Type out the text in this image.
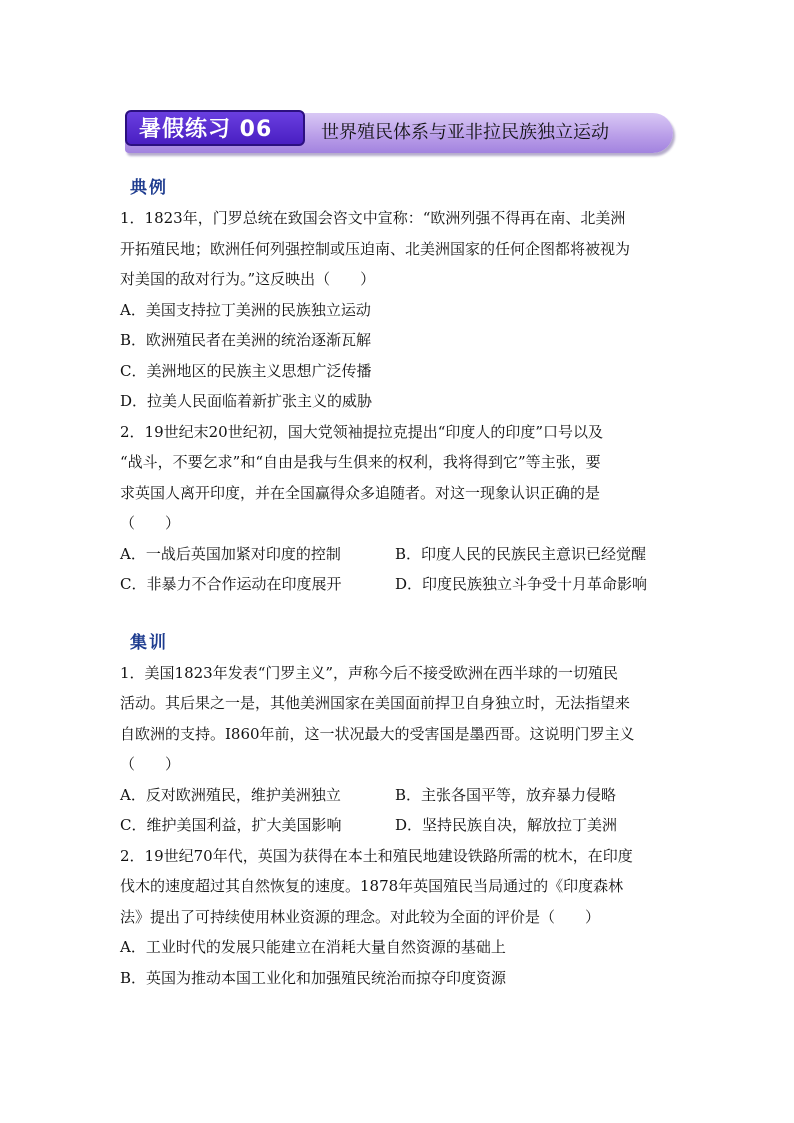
暑假练习 06	世界殖民体系与亚非拉民族独立运动
典例
1．1823年，门罗总统在致国会咨文中宣称：“欧洲列强不得再在南、北美洲
开拓殖民地；欧洲任何列强控制或压迫南、北美洲国家的任何企图都将被视为
对美国的敌对行为。”这反映出（　　）
A．美国支持拉丁美洲的民族独立运动
B．欧洲殖民者在美洲的统治逐渐瓦解
C．美洲地区的民族主义思想广泛传播
D．拉美人民面临着新扩张主义的威胁
2．19世纪末20世纪初，国大党领袖提拉克提出“印度人的印度”口号以及
“战斗，不要乞求”和“自由是我与生俱来的权利，我将得到它”等主张，要
求英国人离开印度，并在全国赢得众多追随者。对这一现象认识正确的是
（　　）
A．一战后英国加紧对印度的控制	B．印度人民的民族民主意识已经觉醒
C．非暴力不合作运动在印度展开	D．印度民族独立斗争受十月革命影响
集训
1．美国1823年发表“门罗主义”，声称今后不接受欧洲在西半球的一切殖民
活动。其后果之一是，其他美洲国家在美国面前捍卫自身独立时，无法指望来
自欧洲的支持。I860年前，这一状况最大的受害国是墨西哥。这说明门罗主义
（　　）
A．反对欧洲殖民，维护美洲独立	B．主张各国平等，放弃暴力侵略
C．维护美国利益，扩大美国影响	D．坚持民族自决，解放拉丁美洲
2．19世纪70年代，英国为获得在本土和殖民地建设铁路所需的枕木，在印度
伐木的速度超过其自然恢复的速度。1878年英国殖民当局通过的《印度森林
法》提出了可持续使用林业资源的理念。对此较为全面的评价是（　　）
A．工业时代的发展只能建立在消耗大量自然资源的基础上
B．英国为推动本国工业化和加强殖民统治而掠夺印度资源
